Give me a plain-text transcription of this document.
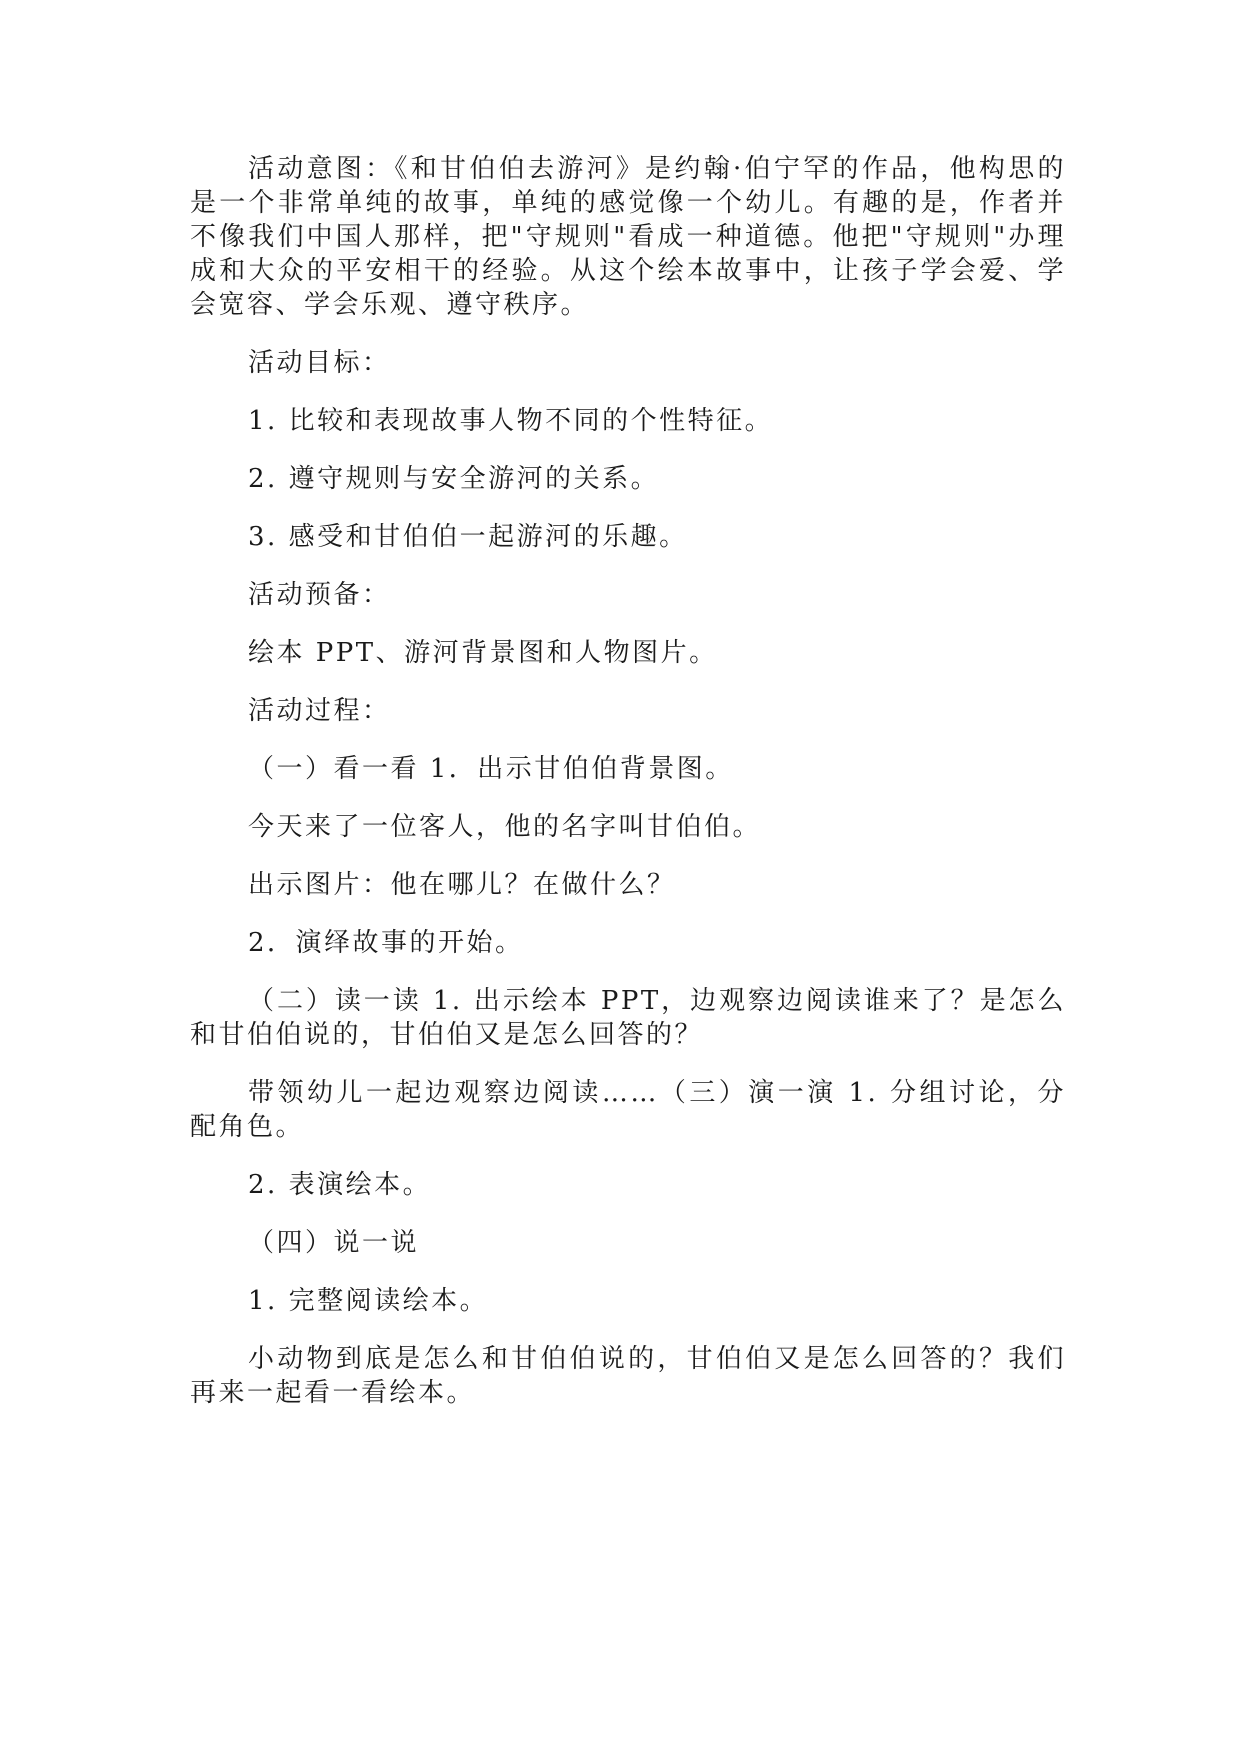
活动意图：《和甘伯伯去游河》是约翰·伯宁罕的作品，他构思的是一个非常单纯的故事，单纯的感觉像一个幼儿。有趣的是，作者并不像我们中国人那样，把"守规则"看成一种道德。他把"守规则"办理成和大众的平安相干的经验。从这个绘本故事中，让孩子学会爱、学会宽容、学会乐观、遵守秩序。

活动目标：

1. 比较和表现故事人物不同的个性特征。

2. 遵守规则与安全游河的关系。

3. 感受和甘伯伯一起游河的乐趣。

活动预备：

绘本 PPT、游河背景图和人物图片。

活动过程：

（一）看一看 1．出示甘伯伯背景图。

今天来了一位客人，他的名字叫甘伯伯。

出示图片：他在哪儿？在做什么？

2．演绎故事的开始。

（二）读一读 1. 出示绘本 PPT，边观察边阅读谁来了？是怎么和甘伯伯说的，甘伯伯又是怎么回答的？

带领幼儿一起边观察边阅读……（三）演一演 1. 分组讨论，分配角色。

2. 表演绘本。

（四）说一说

1. 完整阅读绘本。

小动物到底是怎么和甘伯伯说的，甘伯伯又是怎么回答的？我们再来一起看一看绘本。
